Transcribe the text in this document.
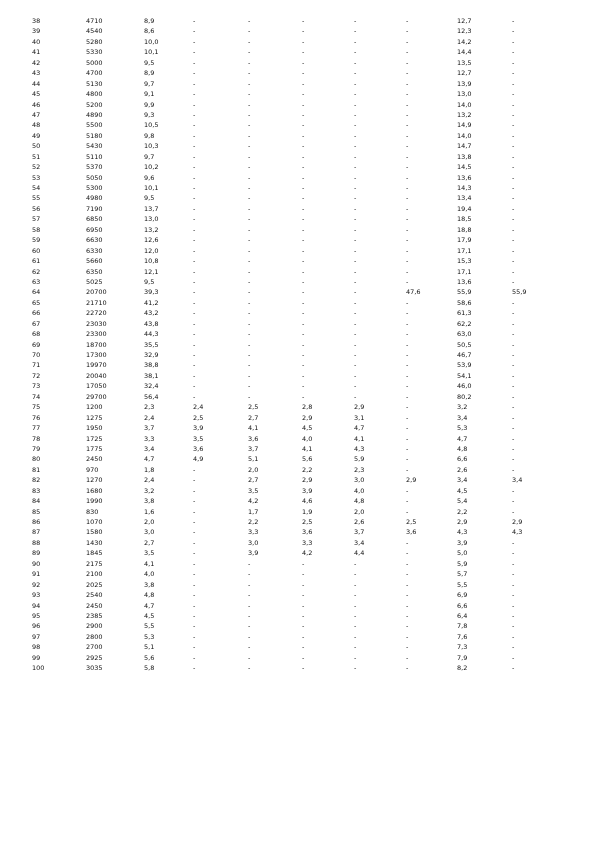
38	4710	8,9	-	-	-	-	-	12,7	-
39	4540	8,6	-	-	-	-	-	12,3	-
40	5280	10,0	-	-	-	-	-	14,2	-
41	5330	10,1	-	-	-	-	-	14,4	-
42	5000	9,5	-	-	-	-	-	13,5	-
43	4700	8,9	-	-	-	-	-	12,7	-
44	5130	9,7	-	-	-	-	-	13,9	-
45	4800	9,1	-	-	-	-	-	13,0	-
46	5200	9,9	-	-	-	-	-	14,0	-
47	4890	9,3	-	-	-	-	-	13,2	-
48	5500	10,5	-	-	-	-	-	14,9	-
49	5180	9,8	-	-	-	-	-	14,0	-
50	5430	10,3	-	-	-	-	-	14,7	-
51	5110	9,7	-	-	-	-	-	13,8	-
52	5370	10,2	-	-	-	-	-	14,5	-
53	5050	9,6	-	-	-	-	-	13,6	-
54	5300	10,1	-	-	-	-	-	14,3	-
55	4980	9,5	-	-	-	-	-	13,4	-
56	7190	13,7	-	-	-	-	-	19,4	-
57	6850	13,0	-	-	-	-	-	18,5	-
58	6950	13,2	-	-	-	-	-	18,8	-
59	6630	12,6	-	-	-	-	-	17,9	-
60	6330	12,0	-	-	-	-	-	17,1	-
61	5660	10,8	-	-	-	-	-	15,3	-
62	6350	12,1	-	-	-	-	-	17,1	-
63	5025	9,5	-	-	-	-	-	13,6	-
64	20700	39,3	-	-	-	-	47,6	55,9	55,9
65	21710	41,2	-	-	-	-	-	58,6	-
66	22720	43,2	-	-	-	-	-	61,3	-
67	23030	43,8	-	-	-	-	-	62,2	-
68	23300	44,3	-	-	-	-	-	63,0	-
69	18700	35,5	-	-	-	-	-	50,5	-
70	17300	32,9	-	-	-	-	-	46,7	-
71	19970	38,8	-	-	-	-	-	53,9	-
72	20040	38,1	-	-	-	-	-	54,1	-
73	17050	32,4	-	-	-	-	-	46,0	-
74	29700	56,4	-	-	-	-	-	80,2	-
75	1200	2,3	2,4	2,5	2,8	2,9	-	3,2	-
76	1275	2,4	2,5	2,7	2,9	3,1	-	3,4	-
77	1950	3,7	3,9	4,1	4,5	4,7	-	5,3	-
78	1725	3,3	3,5	3,6	4,0	4,1	-	4,7	-
79	1775	3,4	3,6	3,7	4,1	4,3	-	4,8	-
80	2450	4,7	4,9	5,1	5,6	5,9	-	6,6	-
81	970	1,8	-	2,0	2,2	2,3	-	2,6	-
82	1270	2,4	-	2,7	2,9	3,0	2,9	3,4	3,4
83	1680	3,2	-	3,5	3,9	4,0	-	4,5	-
84	1990	3,8	-	4,2	4,6	4,8	-	5,4	-
85	830	1,6	-	1,7	1,9	2,0	-	2,2	-
86	1070	2,0	-	2,2	2,5	2,6	2,5	2,9	2,9
87	1580	3,0	-	3,3	3,6	3,7	3,6	4,3	4,3
88	1430	2,7	-	3,0	3,3	3,4	-	3,9	-
89	1845	3,5	-	3,9	4,2	4,4	-	5,0	-
90	2175	4,1	-	-	-	-	-	5,9	-
91	2100	4,0	-	-	-	-	-	5,7	-
92	2025	3,8	-	-	-	-	-	5,5	-
93	2540	4,8	-	-	-	-	-	6,9	-
94	2450	4,7	-	-	-	-	-	6,6	-
95	2385	4,5	-	-	-	-	-	6,4	-
96	2900	5,5	-	-	-	-	-	7,8	-
97	2800	5,3	-	-	-	-	-	7,6	-
98	2700	5,1	-	-	-	-	-	7,3	-
99	2925	5,6	-	-	-	-	-	7,9	-
100	3035	5,8	-	-	-	-	-	8,2	-
